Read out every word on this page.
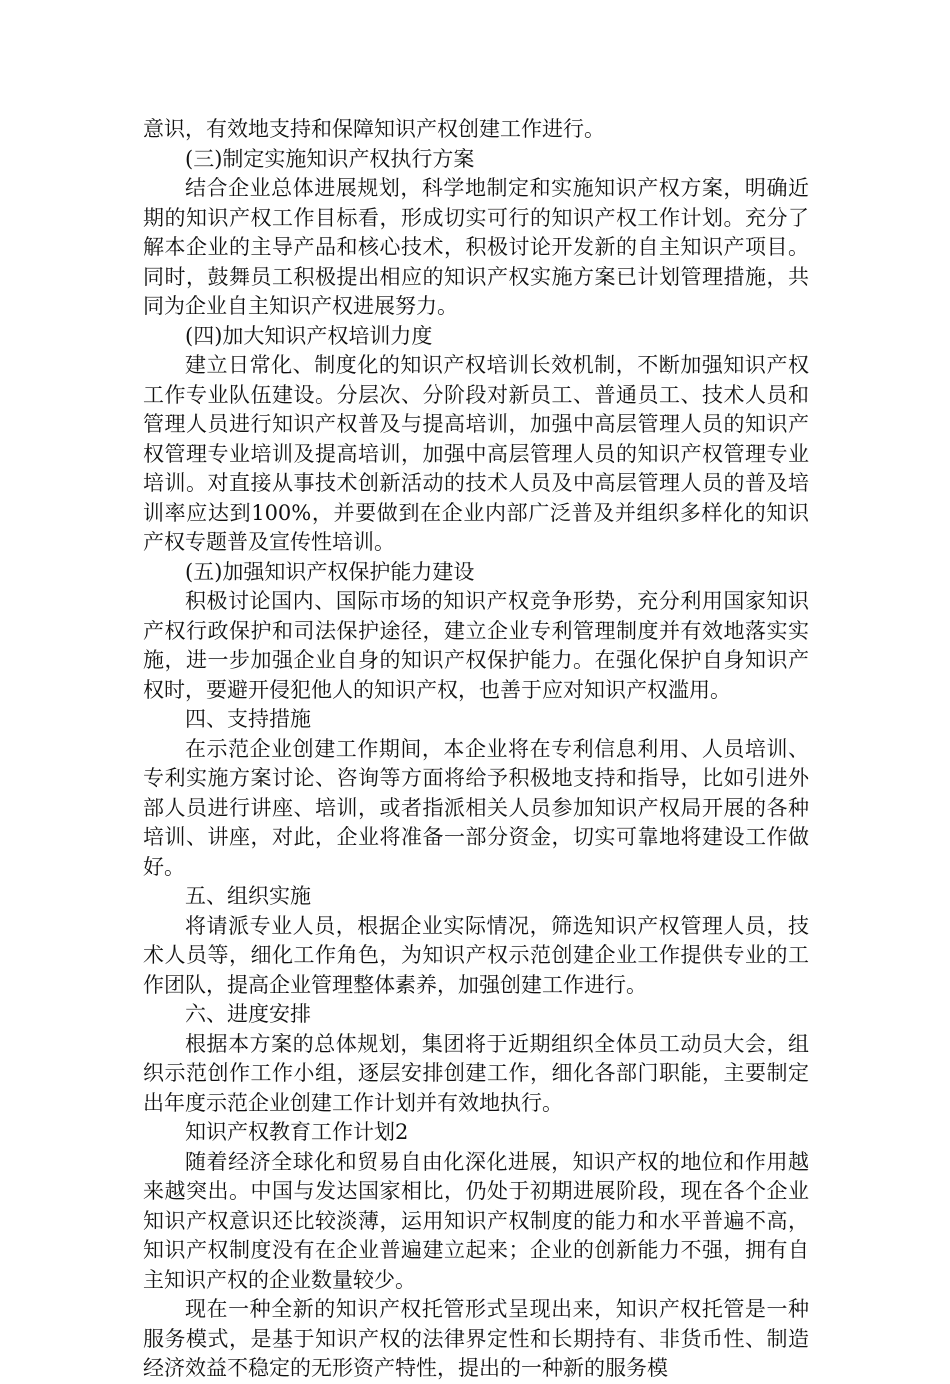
意识，有效地支持和保障知识产权创建工作进行。

(三)制定实施知识产权执行方案

结合企业总体进展规划，科学地制定和实施知识产权方案，明确近期的知识产权工作目标看，形成切实可行的知识产权工作计划。充分了解本企业的主导产品和核心技术，积极讨论开发新的自主知识产项目。同时，鼓舞员工积极提出相应的知识产权实施方案已计划管理措施，共同为企业自主知识产权进展努力。

(四)加大知识产权培训力度

建立日常化、制度化的知识产权培训长效机制，不断加强知识产权工作专业队伍建设。分层次、分阶段对新员工、普通员工、技术人员和管理人员进行知识产权普及与提高培训，加强中高层管理人员的知识产权管理专业培训及提高培训，加强中高层管理人员的知识产权管理专业培训。对直接从事技术创新活动的技术人员及中高层管理人员的普及培训率应达到100%，并要做到在企业内部广泛普及并组织多样化的知识产权专题普及宣传性培训。

(五)加强知识产权保护能力建设

积极讨论国内、国际市场的知识产权竞争形势，充分利用国家知识产权行政保护和司法保护途径，建立企业专利管理制度并有效地落实实施，进一步加强企业自身的知识产权保护能力。在强化保护自身知识产权时，要避开侵犯他人的知识产权，也善于应对知识产权滥用。

四、支持措施

在示范企业创建工作期间，本企业将在专利信息利用、人员培训、专利实施方案讨论、咨询等方面将给予积极地支持和指导，比如引进外部人员进行讲座、培训，或者指派相关人员参加知识产权局开展的各种培训、讲座，对此，企业将准备一部分资金，切实可靠地将建设工作做好。

五、组织实施

将请派专业人员，根据企业实际情况，筛选知识产权管理人员，技术人员等，细化工作角色，为知识产权示范创建企业工作提供专业的工作团队，提高企业管理整体素养，加强创建工作进行。

六、进度安排

根据本方案的总体规划，集团将于近期组织全体员工动员大会，组织示范创作工作小组，逐层安排创建工作，细化各部门职能，主要制定出年度示范企业创建工作计划并有效地执行。

知识产权教育工作计划2

随着经济全球化和贸易自由化深化进展，知识产权的地位和作用越来越突出。中国与发达国家相比，仍处于初期进展阶段，现在各个企业知识产权意识还比较淡薄，运用知识产权制度的能力和水平普遍不高，知识产权制度没有在企业普遍建立起来；企业的创新能力不强，拥有自主知识产权的企业数量较少。

现在一种全新的知识产权托管形式呈现出来，知识产权托管是一种服务模式，是基于知识产权的法律界定性和长期持有、非货币性、制造经济效益不稳定的无形资产特性，提出的一种新的服务模
